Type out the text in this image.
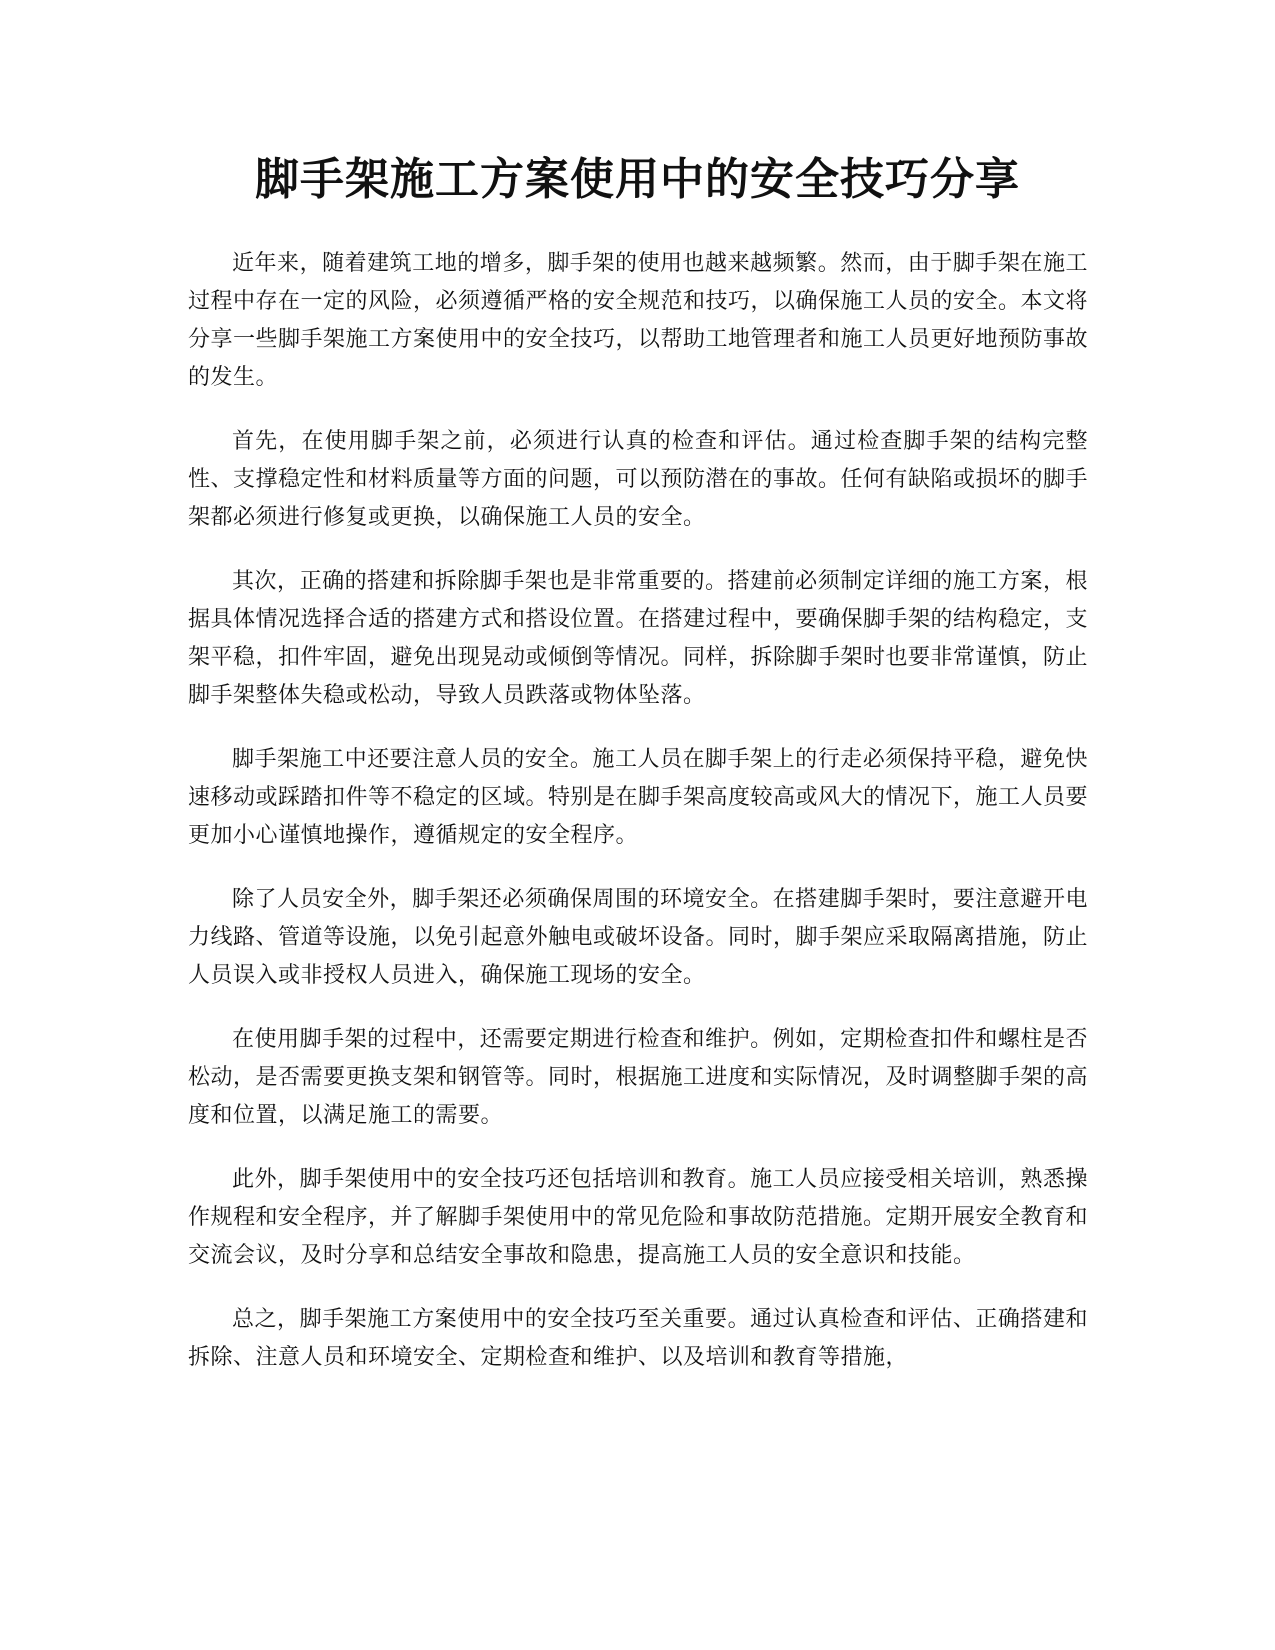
脚手架施工方案使用中的安全技巧分享

近年来，随着建筑工地的增多，脚手架的使用也越来越频繁。然而，由于脚手架在施工过程中存在一定的风险，必须遵循严格的安全规范和技巧，以确保施工人员的安全。本文将分享一些脚手架施工方案使用中的安全技巧，以帮助工地管理者和施工人员更好地预防事故的发生。

首先，在使用脚手架之前，必须进行认真的检查和评估。通过检查脚手架的结构完整性、支撑稳定性和材料质量等方面的问题，可以预防潜在的事故。任何有缺陷或损坏的脚手架都必须进行修复或更换，以确保施工人员的安全。

其次，正确的搭建和拆除脚手架也是非常重要的。搭建前必须制定详细的施工方案，根据具体情况选择合适的搭建方式和搭设位置。在搭建过程中，要确保脚手架的结构稳定，支架平稳，扣件牢固，避免出现晃动或倾倒等情况。同样，拆除脚手架时也要非常谨慎，防止脚手架整体失稳或松动，导致人员跌落或物体坠落。

脚手架施工中还要注意人员的安全。施工人员在脚手架上的行走必须保持平稳，避免快速移动或踩踏扣件等不稳定的区域。特别是在脚手架高度较高或风大的情况下，施工人员要更加小心谨慎地操作，遵循规定的安全程序。

除了人员安全外，脚手架还必须确保周围的环境安全。在搭建脚手架时，要注意避开电力线路、管道等设施，以免引起意外触电或破坏设备。同时，脚手架应采取隔离措施，防止人员误入或非授权人员进入，确保施工现场的安全。

在使用脚手架的过程中，还需要定期进行检查和维护。例如，定期检查扣件和螺柱是否松动，是否需要更换支架和钢管等。同时，根据施工进度和实际情况，及时调整脚手架的高度和位置，以满足施工的需要。

此外，脚手架使用中的安全技巧还包括培训和教育。施工人员应接受相关培训，熟悉操作规程和安全程序，并了解脚手架使用中的常见危险和事故防范措施。定期开展安全教育和交流会议，及时分享和总结安全事故和隐患，提高施工人员的安全意识和技能。

总之，脚手架施工方案使用中的安全技巧至关重要。通过认真检查和评估、正确搭建和拆除、注意人员和环境安全、定期检查和维护、以及培训和教育等措施，
